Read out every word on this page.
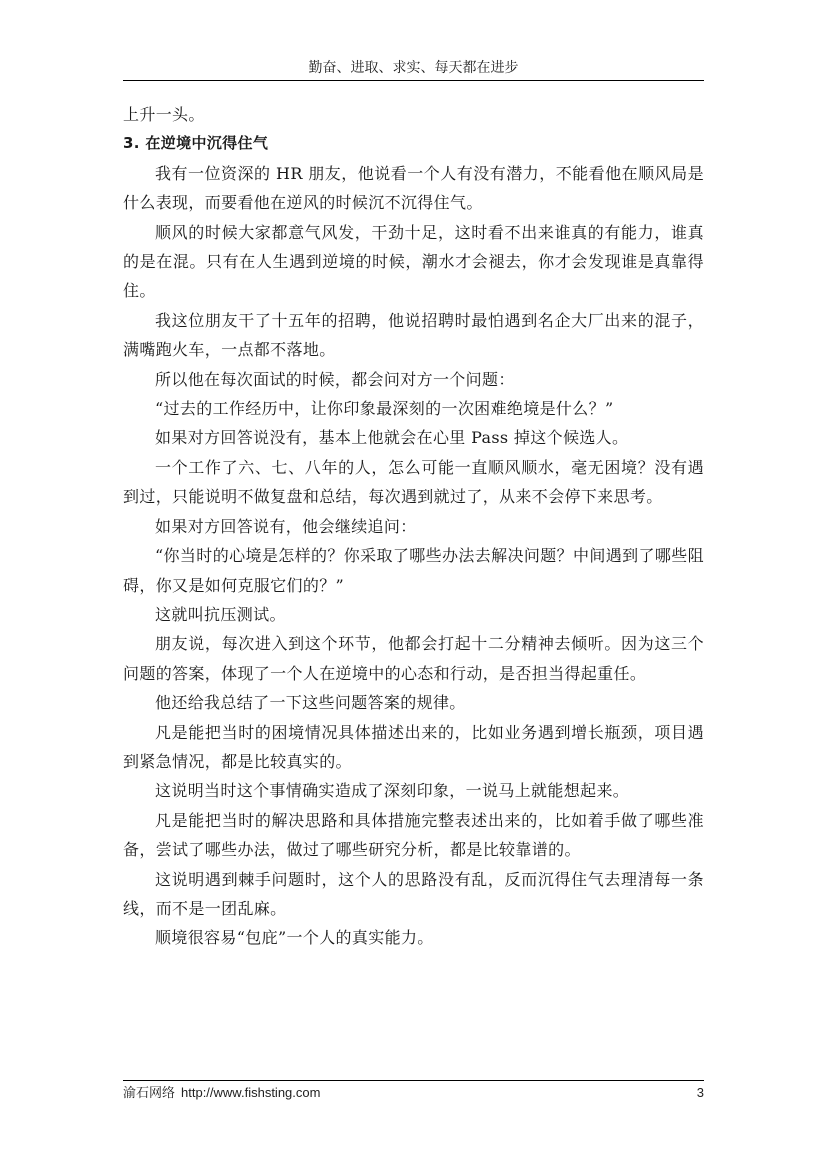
勤奋、进取、求实、每天都在进步

上升一头。

3. 在逆境中沉得住气

我有一位资深的 HR 朋友，他说看一个人有没有潜力，不能看他在顺风局是什么表现，而要看他在逆风的时候沉不沉得住气。

顺风的时候大家都意气风发，干劲十足，这时看不出来谁真的有能力，谁真的是在混。只有在人生遇到逆境的时候，潮水才会褪去，你才会发现谁是真靠得住。

我这位朋友干了十五年的招聘，他说招聘时最怕遇到名企大厂出来的混子，满嘴跑火车，一点都不落地。

所以他在每次面试的时候，都会问对方一个问题：

“过去的工作经历中，让你印象最深刻的一次困难绝境是什么？”

如果对方回答说没有，基本上他就会在心里 Pass 掉这个候选人。

一个工作了六、七、八年的人，怎么可能一直顺风顺水，毫无困境？没有遇到过，只能说明不做复盘和总结，每次遇到就过了，从来不会停下来思考。

如果对方回答说有，他会继续追问：

“你当时的心境是怎样的？你采取了哪些办法去解决问题？中间遇到了哪些阻碍，你又是如何克服它们的？”

这就叫抗压测试。

朋友说，每次进入到这个环节，他都会打起十二分精神去倾听。因为这三个问题的答案，体现了一个人在逆境中的心态和行动，是否担当得起重任。

他还给我总结了一下这些问题答案的规律。

凡是能把当时的困境情况具体描述出来的，比如业务遇到增长瓶颈，项目遇到紧急情况，都是比较真实的。

这说明当时这个事情确实造成了深刻印象，一说马上就能想起来。

凡是能把当时的解决思路和具体措施完整表述出来的，比如着手做了哪些准备，尝试了哪些办法，做过了哪些研究分析，都是比较靠谱的。

这说明遇到棘手问题时，这个人的思路没有乱，反而沉得住气去理清每一条线，而不是一团乱麻。

顺境很容易“包庇”一个人的真实能力。

渝石网络 http://www.fishsting.com	3
